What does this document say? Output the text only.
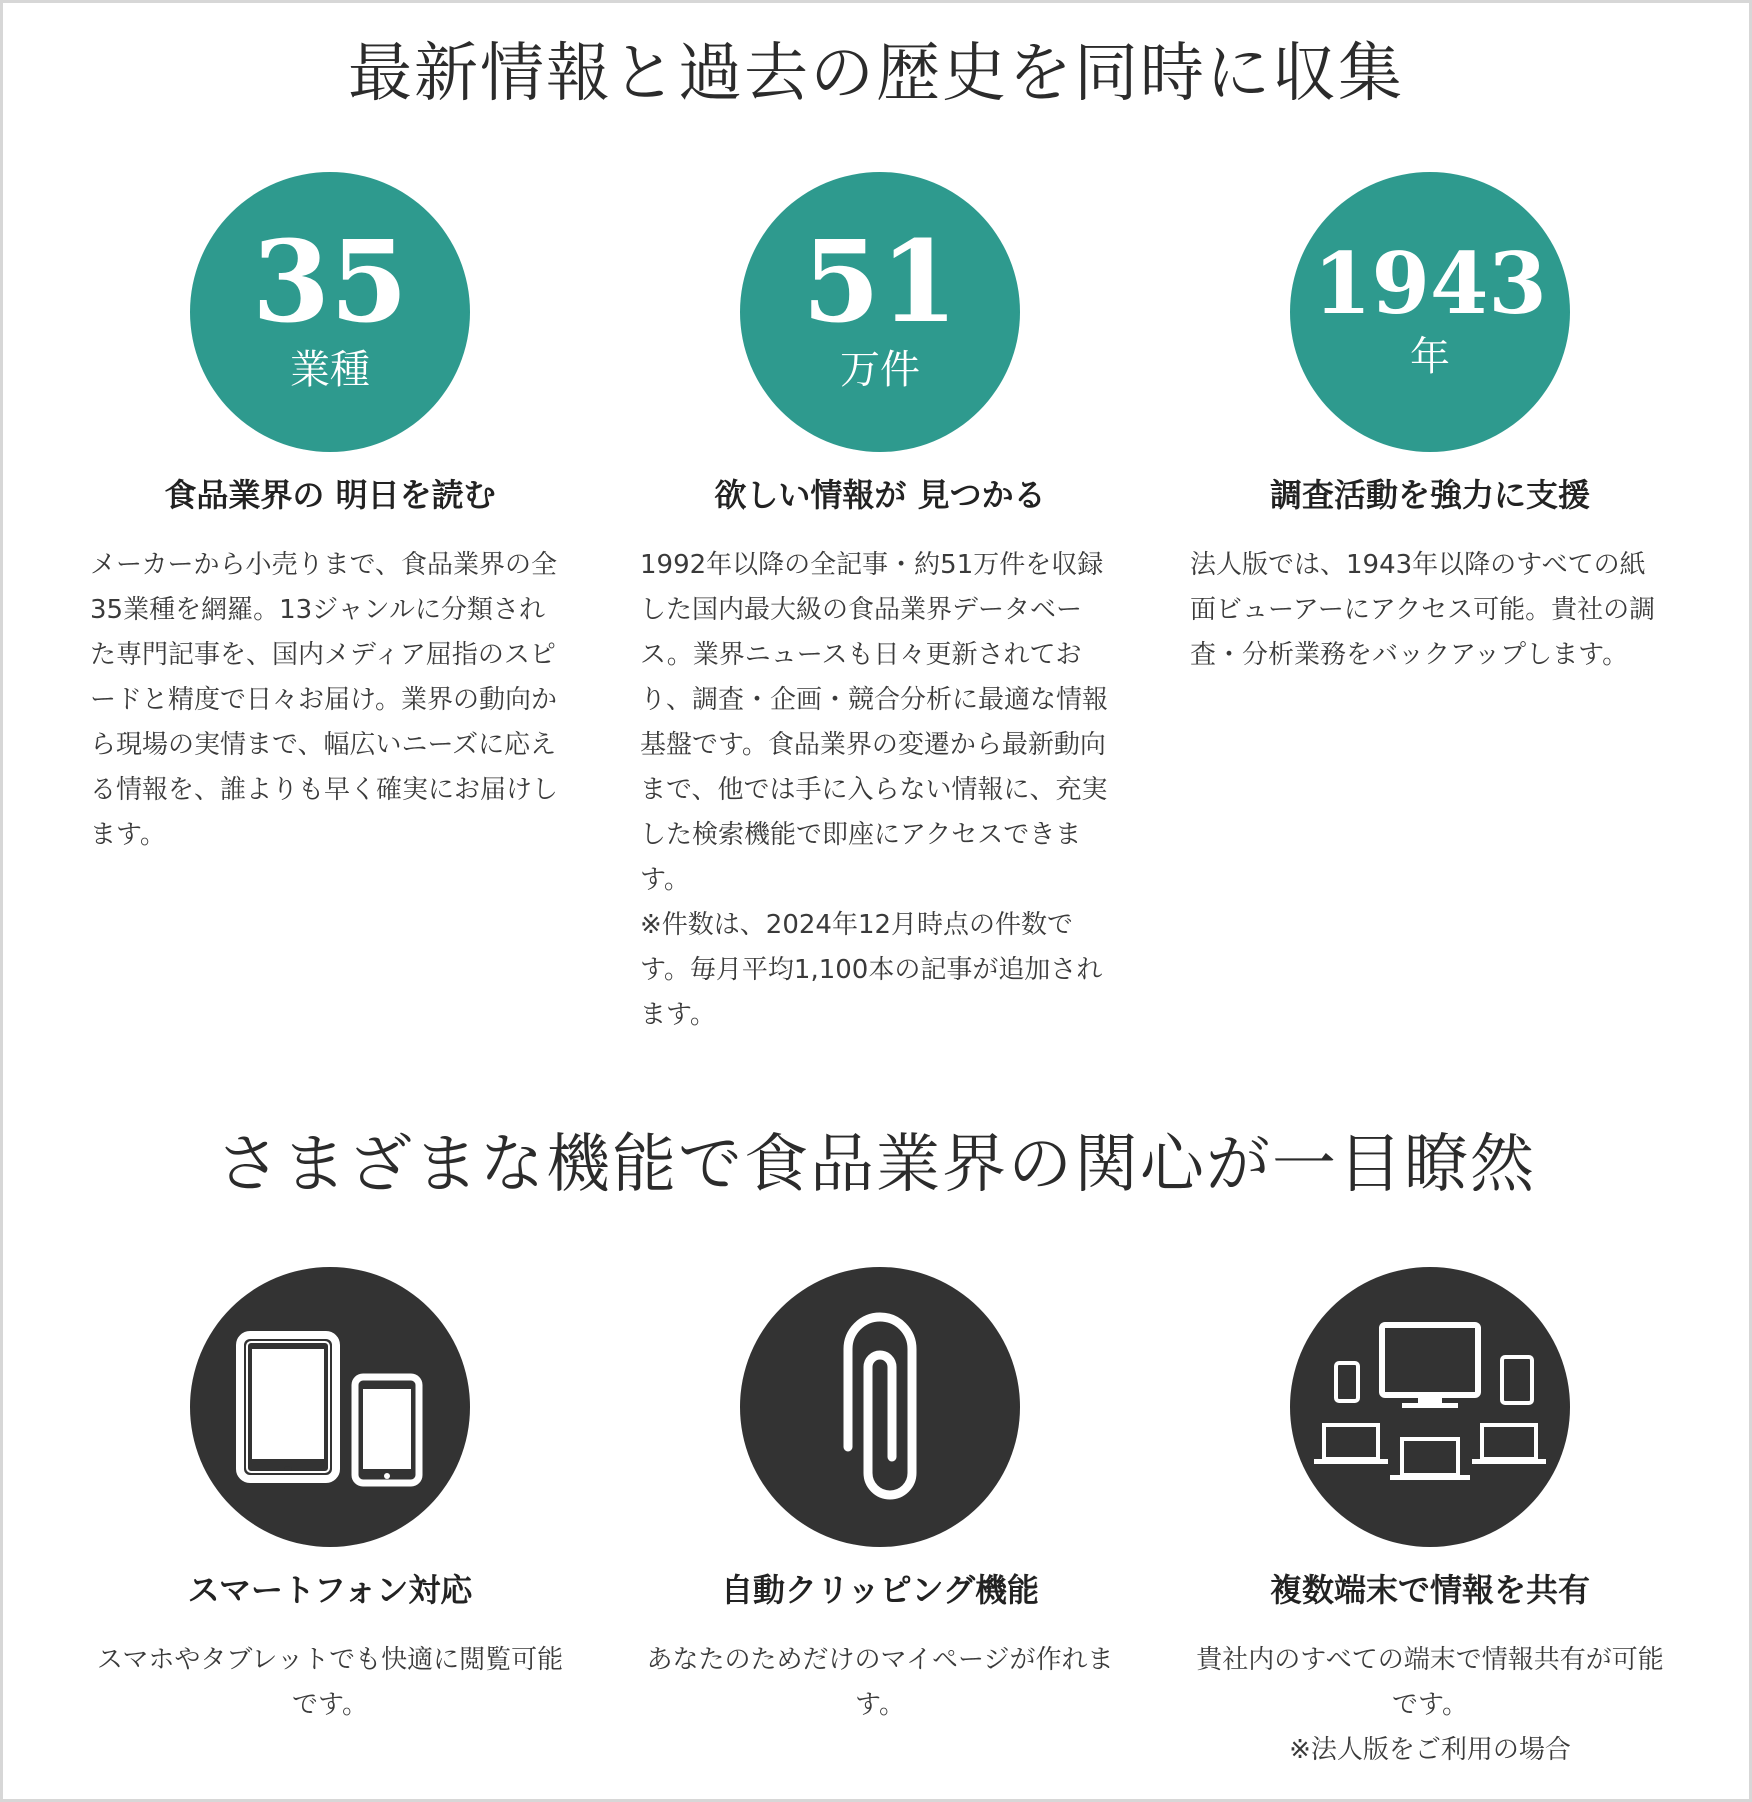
最新情報と過去の歴史を同時に収集
35
業種
食品業界の 明日を読む

メーカーから小売りまで、食品業界の全35業種を網羅。13ジャンルに分類された専門記事を、国内メディア屈指のスピードと精度で日々お届け。業界の動向から現場の実情まで、幅広いニーズに応える情報を、誰よりも早く確実にお届けします。

51
万件
欲しい情報が 見つかる

1992年以降の全記事・約51万件を収録した国内最大級の食品業界データベース。業界ニュースも日々更新されており、調査・企画・競合分析に最適な情報基盤です。食品業界の変遷から最新動向まで、他では手に入らない情報に、充実した検索機能で即座にアクセスできます。

※件数は、2024年12月時点の件数です。毎月平均1,100本の記事が追加されます。

1943
年
調査活動を強力に支援

法人版では、1943年以降のすべての紙面ビューアーにアクセス可能。貴社の調査・分析業務をバックアップします。

さまざまな機能で食品業界の関心が一目瞭然
スマートフォン対応

スマホやタブレットでも快適に閲覧可能です。

自動クリッピング機能

あなたのためだけのマイページが作れます。

複数端末で情報を共有

貴社内のすべての端末で情報共有が可能です。

※法人版をご利用の場合
